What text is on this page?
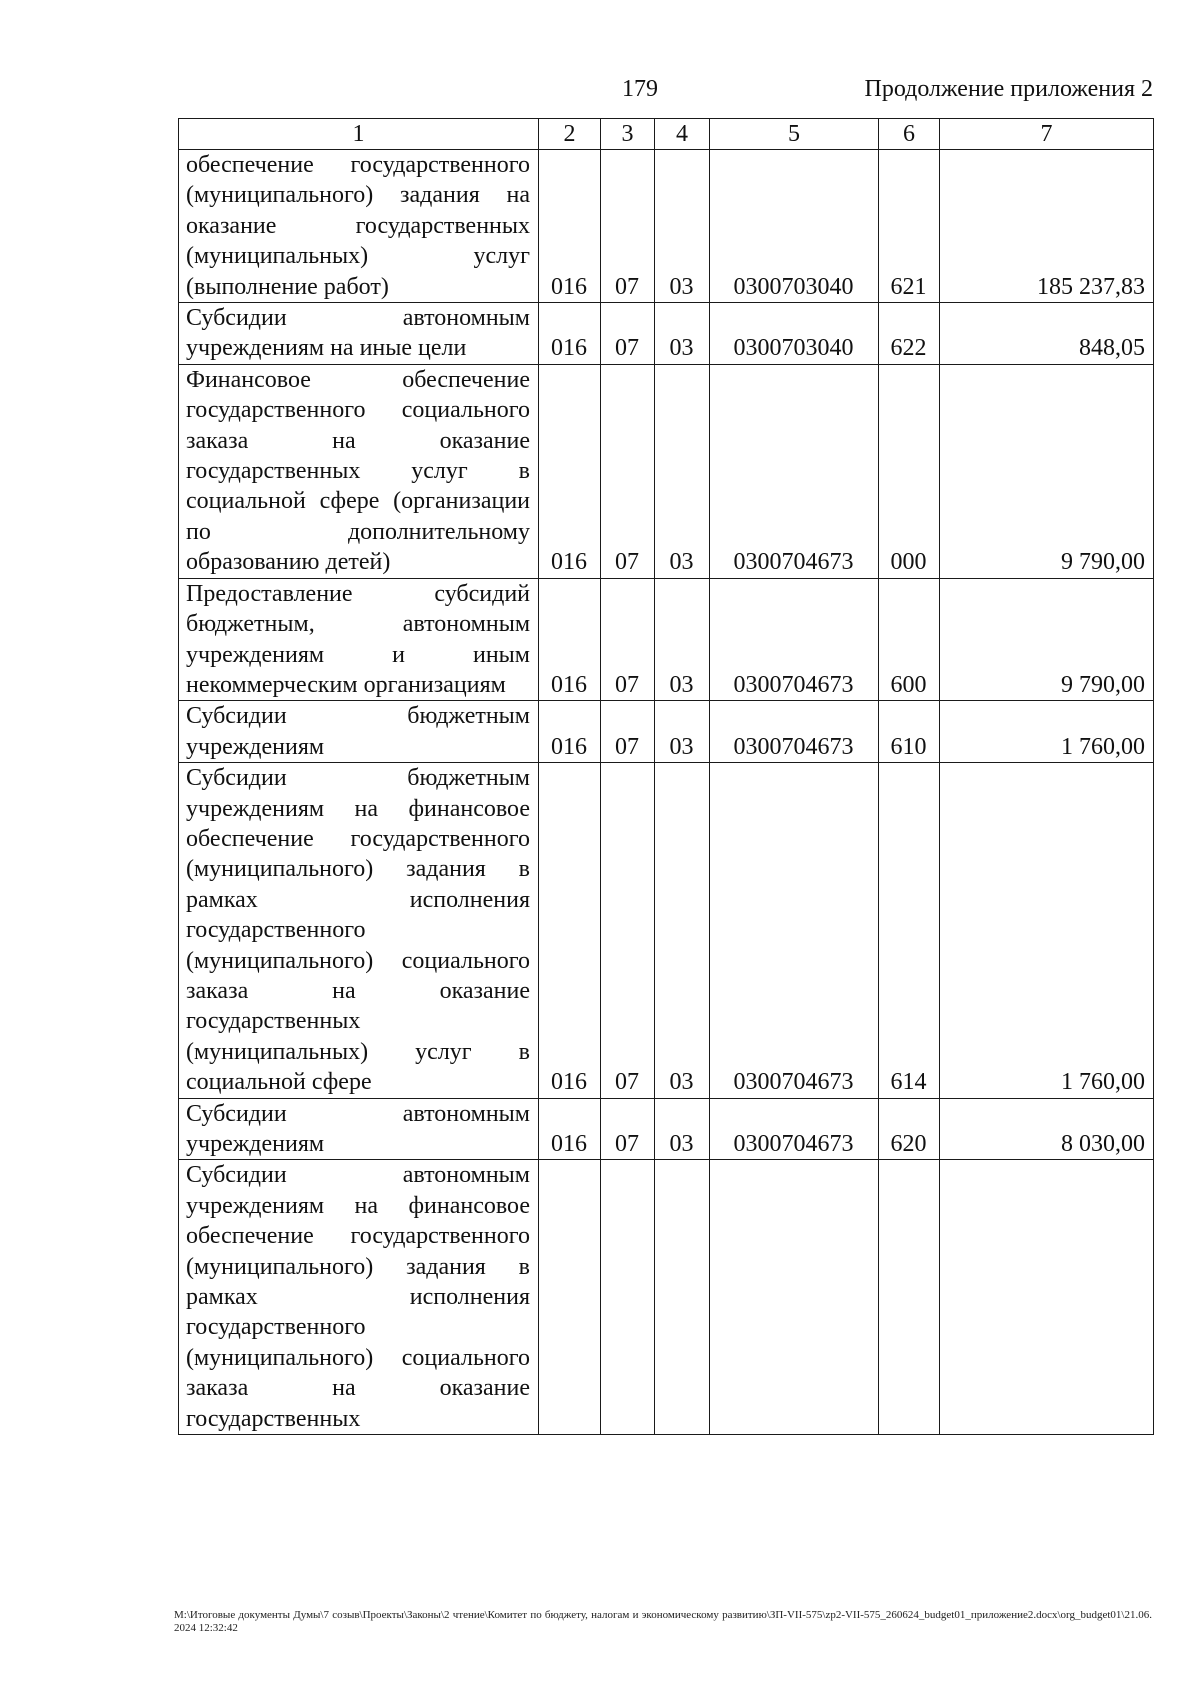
179	Продолжение приложения 2
1	2	3	4	5	6	7
обеспечение государственного (муниципального) задания на оказание государственных (муниципальных) услуг (выполнение работ)	016	07	03	0300703040	621	185 237,83
Субсидии автономным учреждениям на иные цели	016	07	03	0300703040	622	848,05
Финансовое обеспечение государственного социального заказа на оказание государственных услуг в социальной сфере (организации по дополнительному образованию детей)	016	07	03	0300704673	000	9 790,00
Предоставление субсидий бюджетным, автономным учреждениям и иным некоммерческим организациям	016	07	03	0300704673	600	9 790,00
Субсидии бюджетным учреждениям	016	07	03	0300704673	610	1 760,00
Субсидии бюджетным учреждениям на финансовое обеспечение государственного (муниципального) задания в рамках исполнения государственного (муниципального) социального заказа на оказание государственных (муниципальных) услуг в социальной сфере	016	07	03	0300704673	614	1 760,00
Субсидии автономным учреждениям	016	07	03	0300704673	620	8 030,00
Субсидии автономным учреждениям на финансовое обеспечение государственного (муниципального) задания в рамках исполнения государственного (муниципального) социального заказа на оказание государственных						
М:\Итоговые документы Думы\7 созыв\Проекты\Законы\2 чтение\Комитет по бюджету, налогам и экономическому развитию\ЗП-VII-575\zp2-VII-575_260624_budget01_приложение2.docx\org_budget01\21.06.2024 12:32:42
